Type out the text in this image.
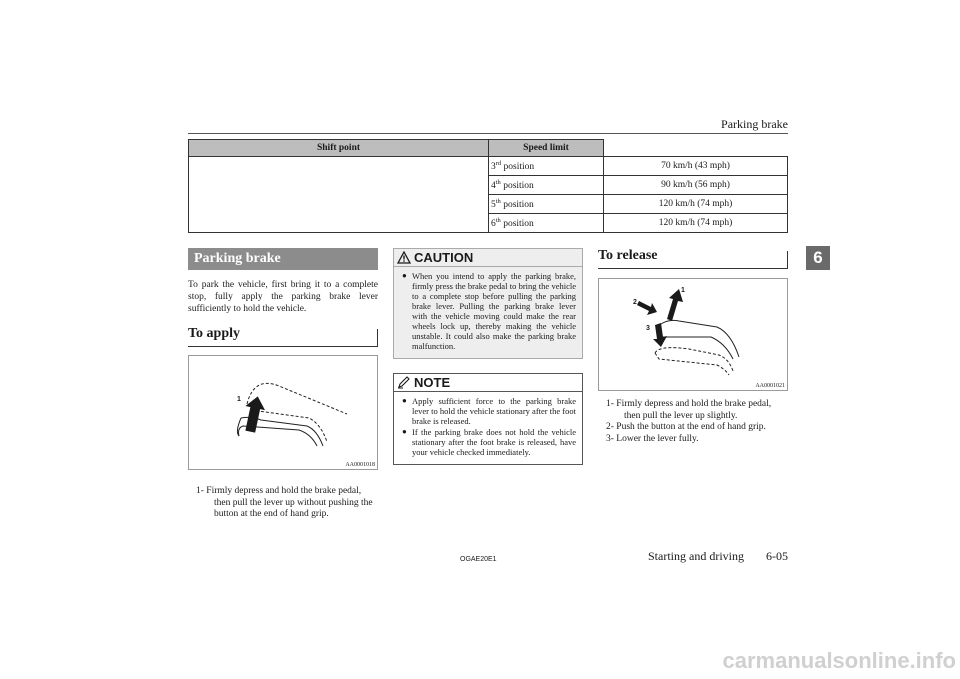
Parking brake
Shift point	Speed limit	
	3rd position	70 km/h (43 mph)
	4th position	90 km/h (56 mph)
	5th position	120 km/h (74 mph)
	6th position	120 km/h (74 mph)
6
Parking brake

To park the vehicle, first bring it to a complete stop, fully apply the parking brake lever sufficiently to hold the vehicle.

To apply
1
AA0001018
1- Firmly depress and hold the brake pedal, then pull the lever up without pushing the button at the end of hand grip.
CAUTION
● When you intend to apply the parking brake, firmly press the brake pedal to bring the vehicle to a complete stop before pulling the parking brake lever. Pulling the parking brake lever with the vehicle moving could make the rear wheels lock up, thereby making the vehicle unstable. It could also make the parking brake malfunction.
NOTE
● Apply sufficient force to the parking brake lever to hold the vehicle stationary after the foot brake is released.
● If the parking brake does not hold the vehicle stationary after the foot brake is released, have your vehicle checked immediately.
To release
1
2
3
AA0001021
1- Firmly depress and hold the brake pedal, then pull the lever up slightly.
2- Push the button at the end of hand grip.
3- Lower the lever fully.
OGAE20E1	Starting and driving 6-05
carmanualsonline.info
